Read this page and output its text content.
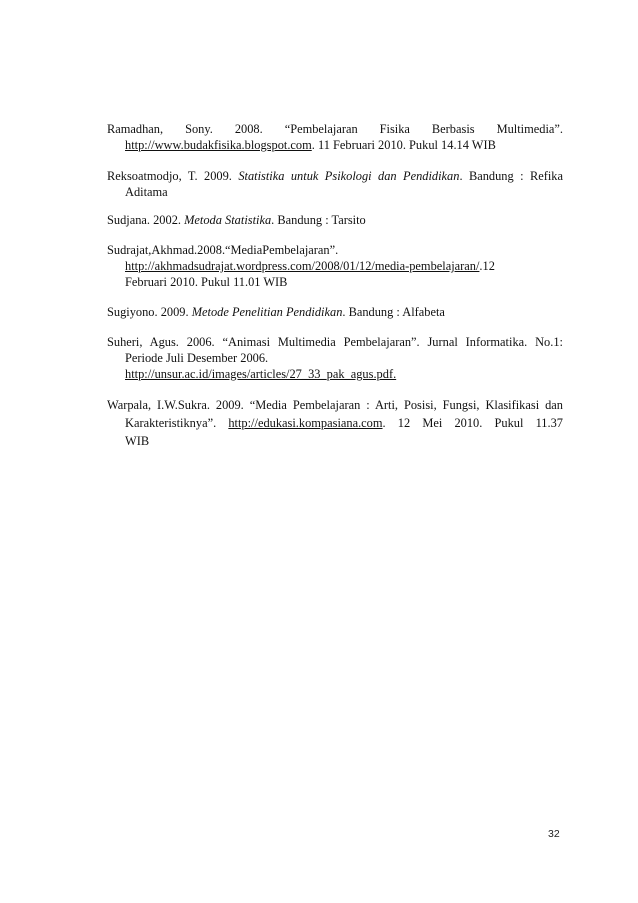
Ramadhan, Sony. 2008. “Pembelajaran Fisika Berbasis Multimedia”.
http://www.budakfisika.blogspot.com. 11 Februari 2010. Pukul 14.14 WIB

Reksoatmodjo, T. 2009. Statistika untuk Psikologi dan Pendidikan. Bandung : Refika Aditama

Sudjana. 2002. Metoda Statistika. Bandung : Tarsito

Sudrajat,Akhmad.2008.“MediaPembelajaran”.
http://akhmadsudrajat.wordpress.com/2008/01/12/media-pembelajaran/.12
Februari 2010. Pukul 11.01 WIB

Sugiyono. 2009. Metode Penelitian Pendidikan. Bandung : Alfabeta

Suheri, Agus. 2006. “Animasi Multimedia Pembelajaran”. Jurnal Informatika. No.1:
Periode Juli Desember 2006.
http://unsur.ac.id/images/articles/27_33_pak_agus.pdf.

Warpala, I.W.Sukra. 2009. “Media Pembelajaran : Arti, Posisi, Fungsi, Klasifikasi dan
Karakteristiknya”. http://edukasi.kompasiana.com. 12 Mei 2010. Pukul 11.37
WIB

32
